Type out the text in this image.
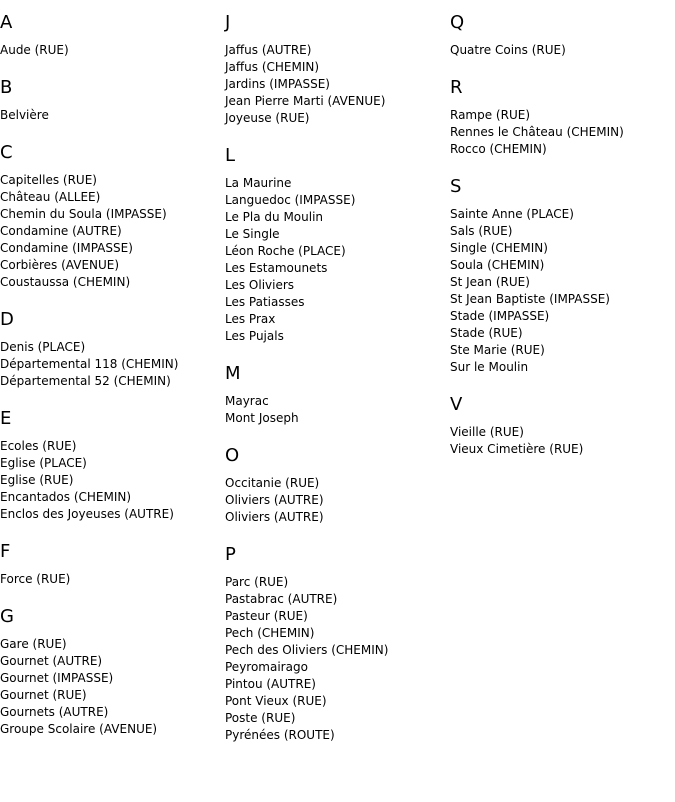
A
Aude (RUE)
B
Belvière
C
Capitelles (RUE)
Château (ALLEE)
Chemin du Soula (IMPASSE)
Condamine (AUTRE)
Condamine (IMPASSE)
Corbières (AVENUE)
Coustaussa (CHEMIN)
D
Denis (PLACE)
Départemental 118 (CHEMIN)
Départemental 52 (CHEMIN)
E
Ecoles (RUE)
Eglise (PLACE)
Eglise (RUE)
Encantados (CHEMIN)
Enclos des Joyeuses (AUTRE)
F
Force (RUE)
G
Gare (RUE)
Gournet (AUTRE)
Gournet (IMPASSE)
Gournet (RUE)
Gournets (AUTRE)
Groupe Scolaire (AVENUE)
J
Jaffus (AUTRE)
Jaffus (CHEMIN)
Jardins (IMPASSE)
Jean Pierre Marti (AVENUE)
Joyeuse (RUE)
L
La Maurine
Languedoc (IMPASSE)
Le Pla du Moulin
Le Single
Léon Roche (PLACE)
Les Estamounets
Les Oliviers
Les Patiasses
Les Prax
Les Pujals
M
Mayrac
Mont Joseph
O
Occitanie (RUE)
Oliviers (AUTRE)
Oliviers (AUTRE)
P
Parc (RUE)
Pastabrac (AUTRE)
Pasteur (RUE)
Pech (CHEMIN)
Pech des Oliviers (CHEMIN)
Peyromairago
Pintou (AUTRE)
Pont Vieux (RUE)
Poste (RUE)
Pyrénées (ROUTE)
Q
Quatre Coins (RUE)
R
Rampe (RUE)
Rennes le Château (CHEMIN)
Rocco (CHEMIN)
S
Sainte Anne (PLACE)
Sals (RUE)
Single (CHEMIN)
Soula (CHEMIN)
St Jean (RUE)
St Jean Baptiste (IMPASSE)
Stade (IMPASSE)
Stade (RUE)
Ste Marie (RUE)
Sur le Moulin
V
Vieille (RUE)
Vieux Cimetière (RUE)
